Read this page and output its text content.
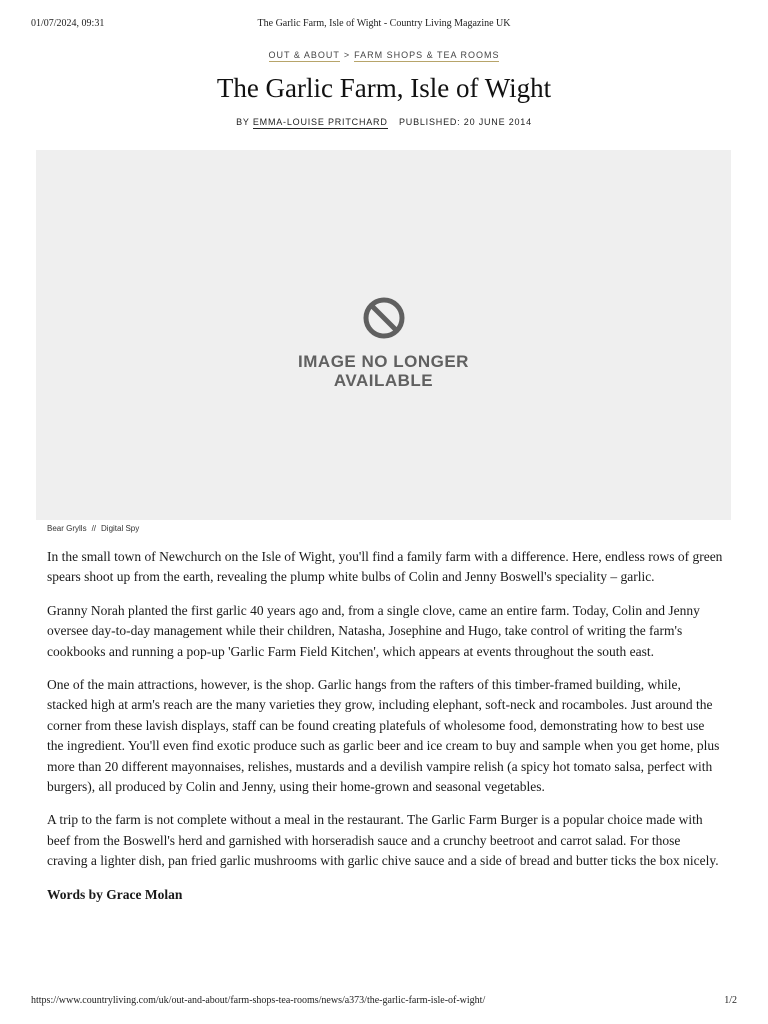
01/07/2024, 09:31	The Garlic Farm, Isle of Wight - Country Living Magazine UK
OUT & ABOUT > FARM SHOPS & TEA ROOMS
The Garlic Farm, Isle of Wight
BY EMMA-LOUISE PRITCHARD PUBLISHED: 20 JUNE 2014
IMAGE NO LONGER
AVAILABLE
Bear Grylls // Digital Spy

In the small town of Newchurch on the Isle of Wight, you'll find a family farm with a difference. Here, endless rows of green spears shoot up from the earth, revealing the plump white bulbs of Colin and Jenny Boswell's speciality – garlic.

Granny Norah planted the first garlic 40 years ago and, from a single clove, came an entire farm. Today, Colin and Jenny oversee day-to-day management while their children, Natasha, Josephine and Hugo, take control of writing the farm's cookbooks and running a pop-up 'Garlic Farm Field Kitchen', which appears at events throughout the south east.

One of the main attractions, however, is the shop. Garlic hangs from the rafters of this timber-framed building, while, stacked high at arm's reach are the many varieties they grow, including elephant, soft-neck and rocamboles. Just around the corner from these lavish displays, staff can be found creating platefuls of wholesome food, demonstrating how to best use the ingredient. You'll even find exotic produce such as garlic beer and ice cream to buy and sample when you get home, plus more than 20 different mayonnaises, relishes, mustards and a devilish vampire relish (a spicy hot tomato salsa, perfect with burgers), all produced by Colin and Jenny, using their home-grown and seasonal vegetables.

A trip to the farm is not complete without a meal in the restaurant. The Garlic Farm Burger is a popular choice made with beef from the Boswell's herd and garnished with horseradish sauce and a crunchy beetroot and carrot salad. For those craving a lighter dish, pan fried garlic mushrooms with garlic chive sauce and a side of bread and butter ticks the box nicely.

Words by Grace Molan

https://www.countryliving.com/uk/out-and-about/farm-shops-tea-rooms/news/a373/the-garlic-farm-isle-of-wight/	1/2
